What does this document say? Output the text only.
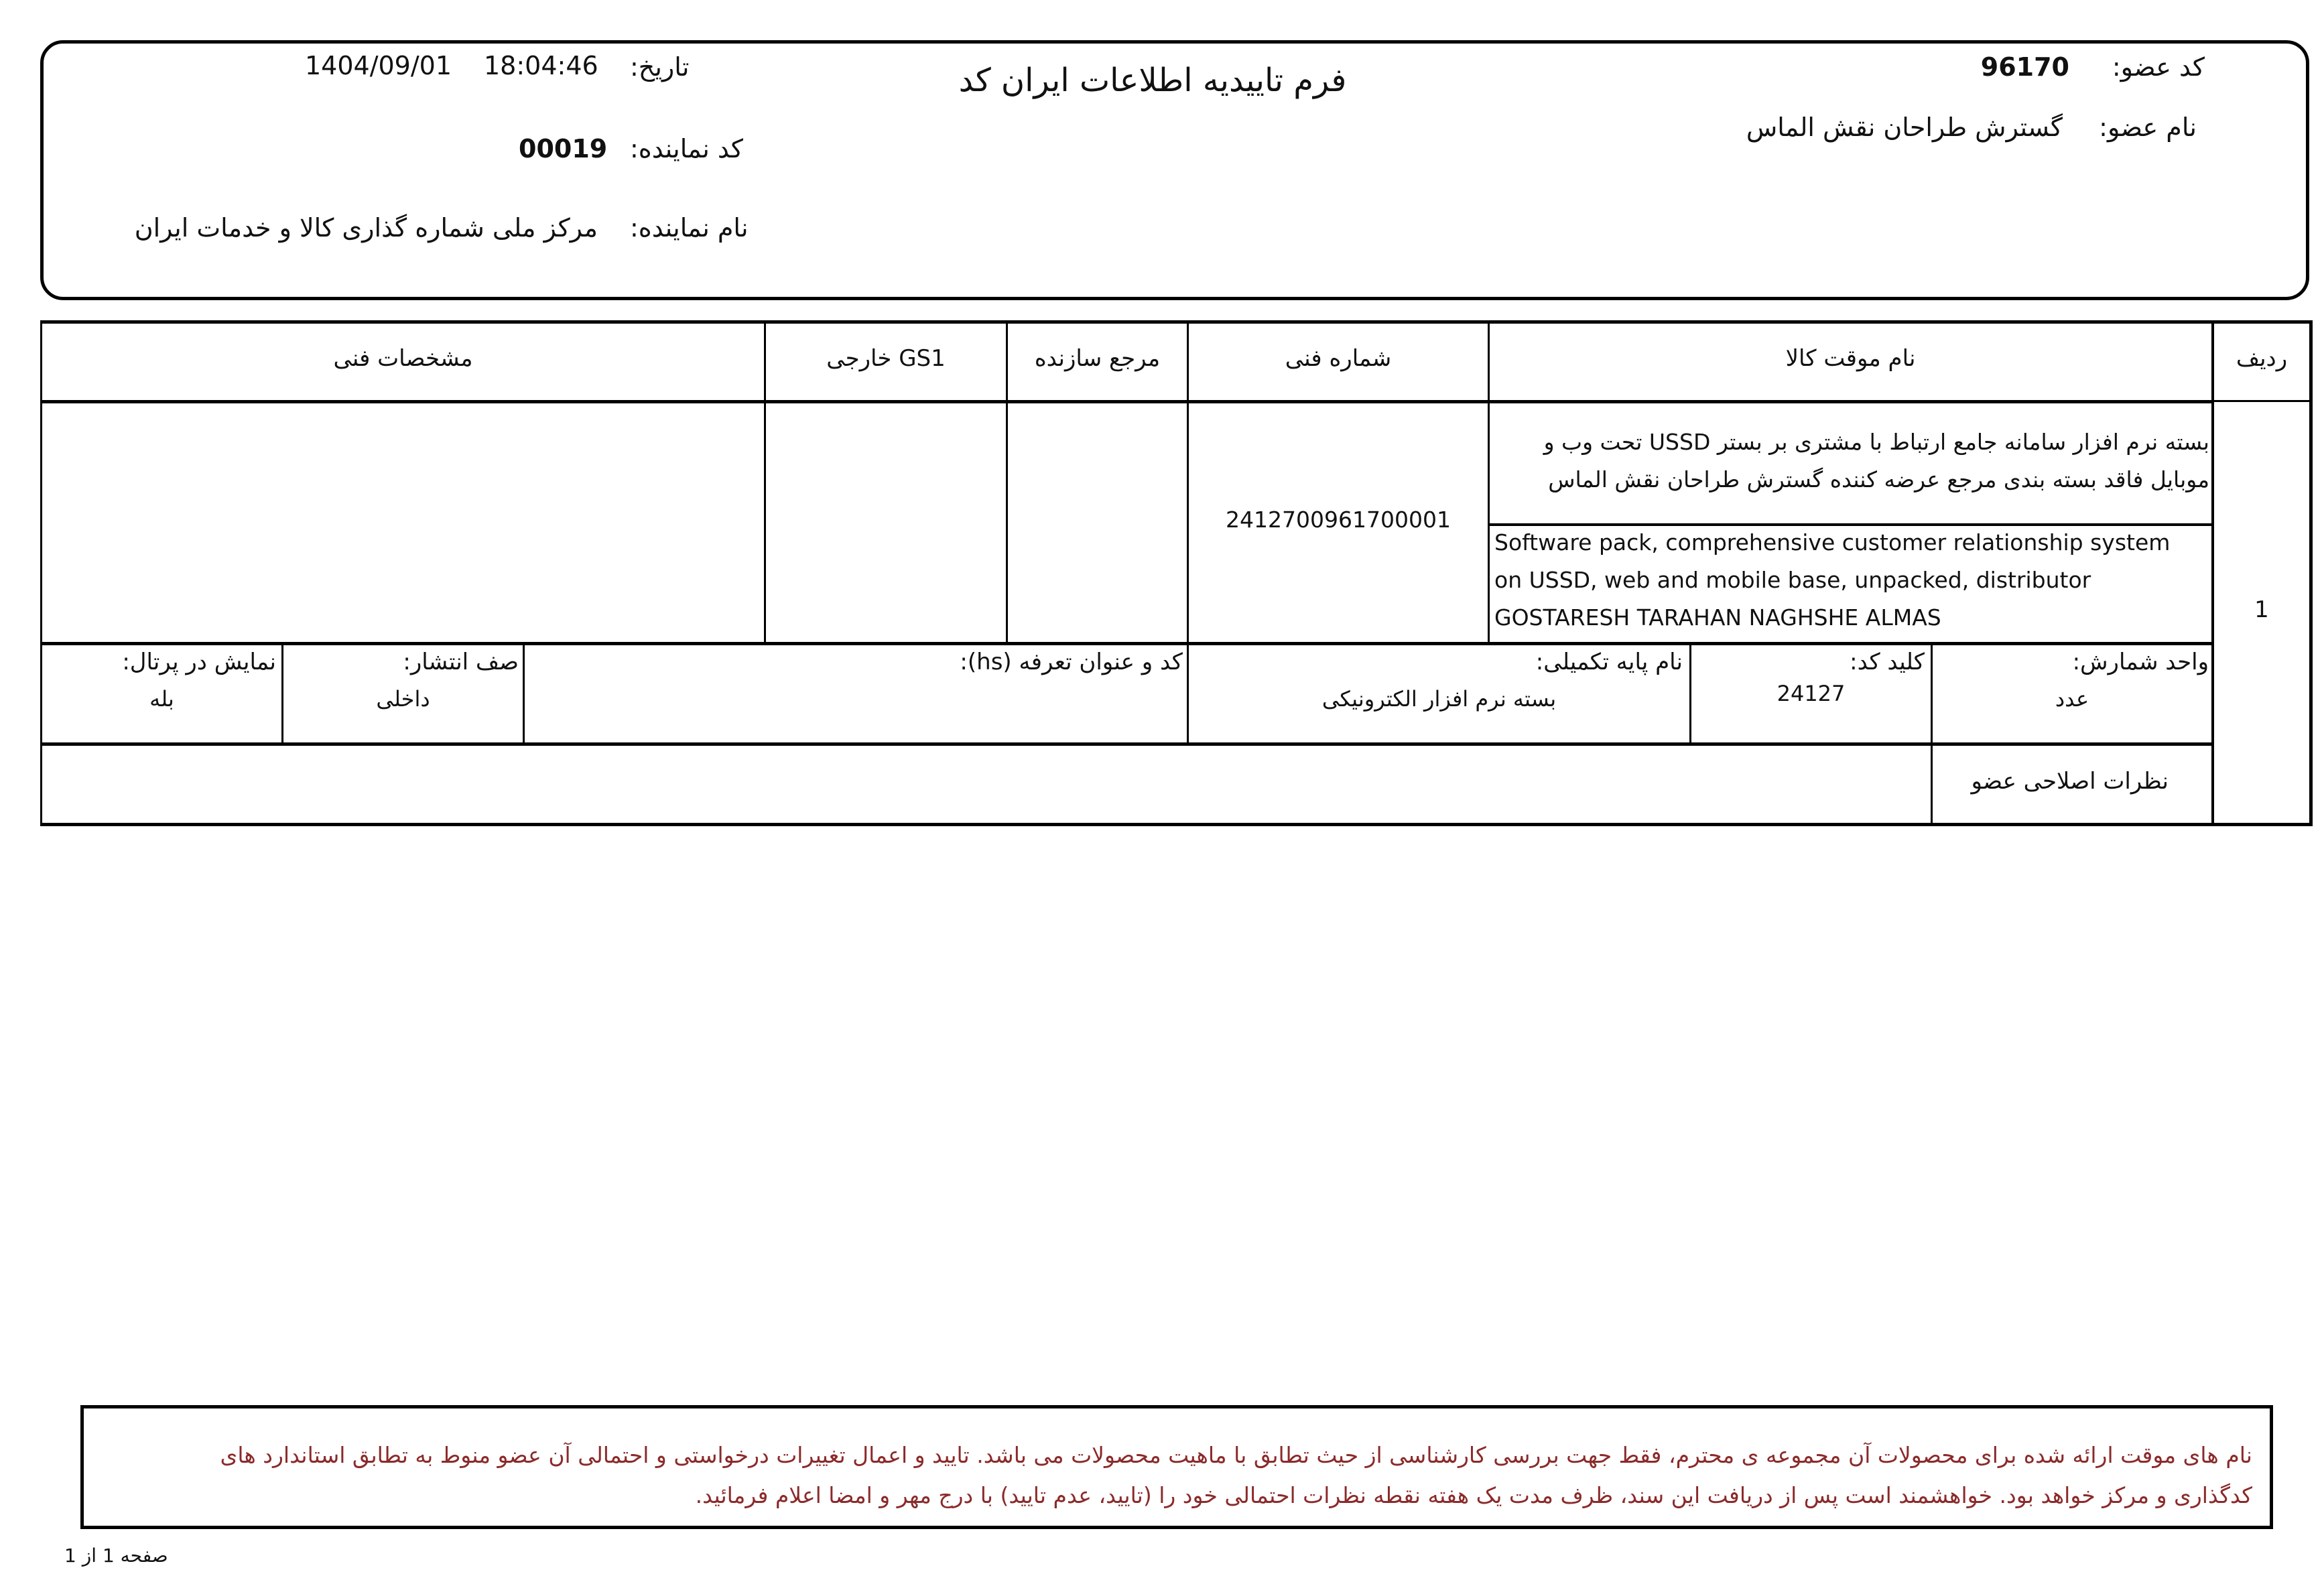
فرم تاییدیه اطلاعات ایران کد	کد عضو:
96170
نام عضو:
گسترش طراحان نقش الماس
تاریخ:
18:04:46
1404/09/01
کد نماینده:
00019
نام نماینده:
مرکز ملی شماره گذاری کالا و خدمات ایران
ردیف
نام موقت کالا
شماره فنی
مرجع سازنده
GS1 خارجی
مشخصات فنی
1
بسته نرم افزار سامانه جامع ارتباط با مشتری بر بستر USSD تحت وب و
موبایل فاقد بسته بندی مرجع عرضه کننده گسترش طراحان نقش الماس
Software pack, comprehensive customer relationship system
on USSD, web and mobile base, unpacked, distributor
GOSTARESH TARAHAN NAGHSHE ALMAS
2412700961700001
واحد شمارش:
عدد
کلید کد:
24127
نام پایه تکمیلی:
بسته نرم افزار الکترونیکی
کد و عنوان تعرفه (hs):
صف انتشار:
داخلی
نمایش در پرتال:
بله
نظرات اصلاحی عضو
نام های موقت ارائه شده برای محصولات آن مجموعه ی محترم، فقط جهت بررسی کارشناسی از حیث تطابق با ماهیت محصولات می باشد. تایید و اعمال تغییرات درخواستی و احتمالی آن عضو منوط به تطابق استاندارد های
کدگذاری و مرکز خواهد بود. خواهشمند است پس از دریافت این سند، ظرف مدت یک هفته نقطه نظرات احتمالی خود را (تایید، عدم تایید) با درج مهر و امضا اعلام فرمائید.
صفحه 1 از 1
